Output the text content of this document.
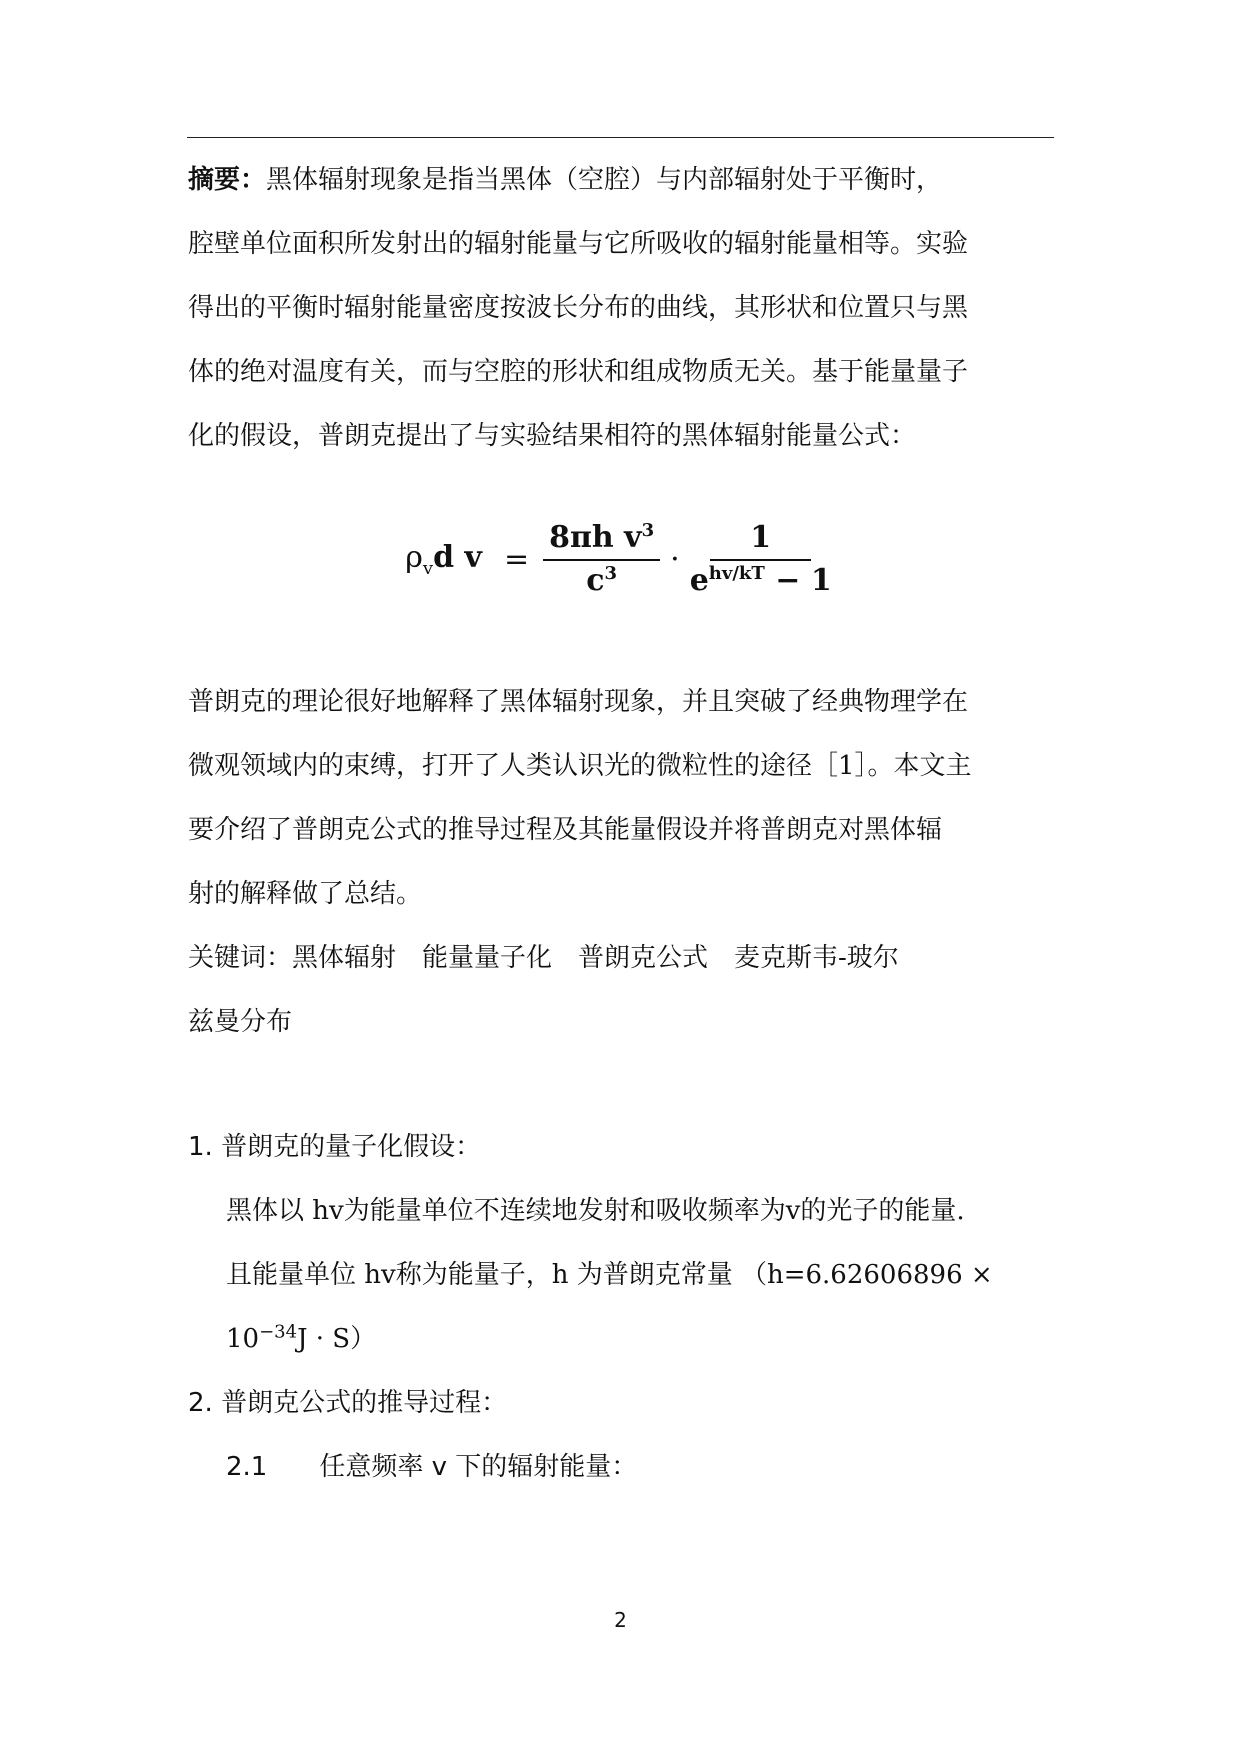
摘要：黑体辐射现象是指当黑体（空腔）与内部辐射处于平衡时，
腔壁单位面积所发射出的辐射能量与它所吸收的辐射能量相等。实验
得出的平衡时辐射能量密度按波长分布的曲线，其形状和位置只与黑
体的绝对温度有关，而与空腔的形状和组成物质无关。基于能量量子
化的假设，普朗克提出了与实验结果相符的黑体辐射能量公式：
$\rho_vd$ $v = \frac{8\pi h v^3}{c^3} \cdot \frac{1}{e^{hv/kT} - 1}$
普朗克的理论很好地解释了黑体辐射现象，并且突破了经典物理学在
微观领域内的束缚，打开了人类认识光的微粒性的途径［1］。本文主
要介绍了普朗克公式的推导过程及其能量假设并将普朗克对黑体辐
射的解释做了总结。
关键词：黑体辐射　能量量子化　普朗克公式　麦克斯韦-玻尔
兹曼分布
1. 普朗克的量子化假设：
黑体以 hv为能量单位不连续地发射和吸收频率为v的光子的能量.
且能量单位 hv称为能量子，h 为普朗克常量 （h=6.62606896 ×
$10^{-34}J \cdot S$）
2. 普朗克公式的推导过程：
2.1　　任意频率 v 下的辐射能量：
2
